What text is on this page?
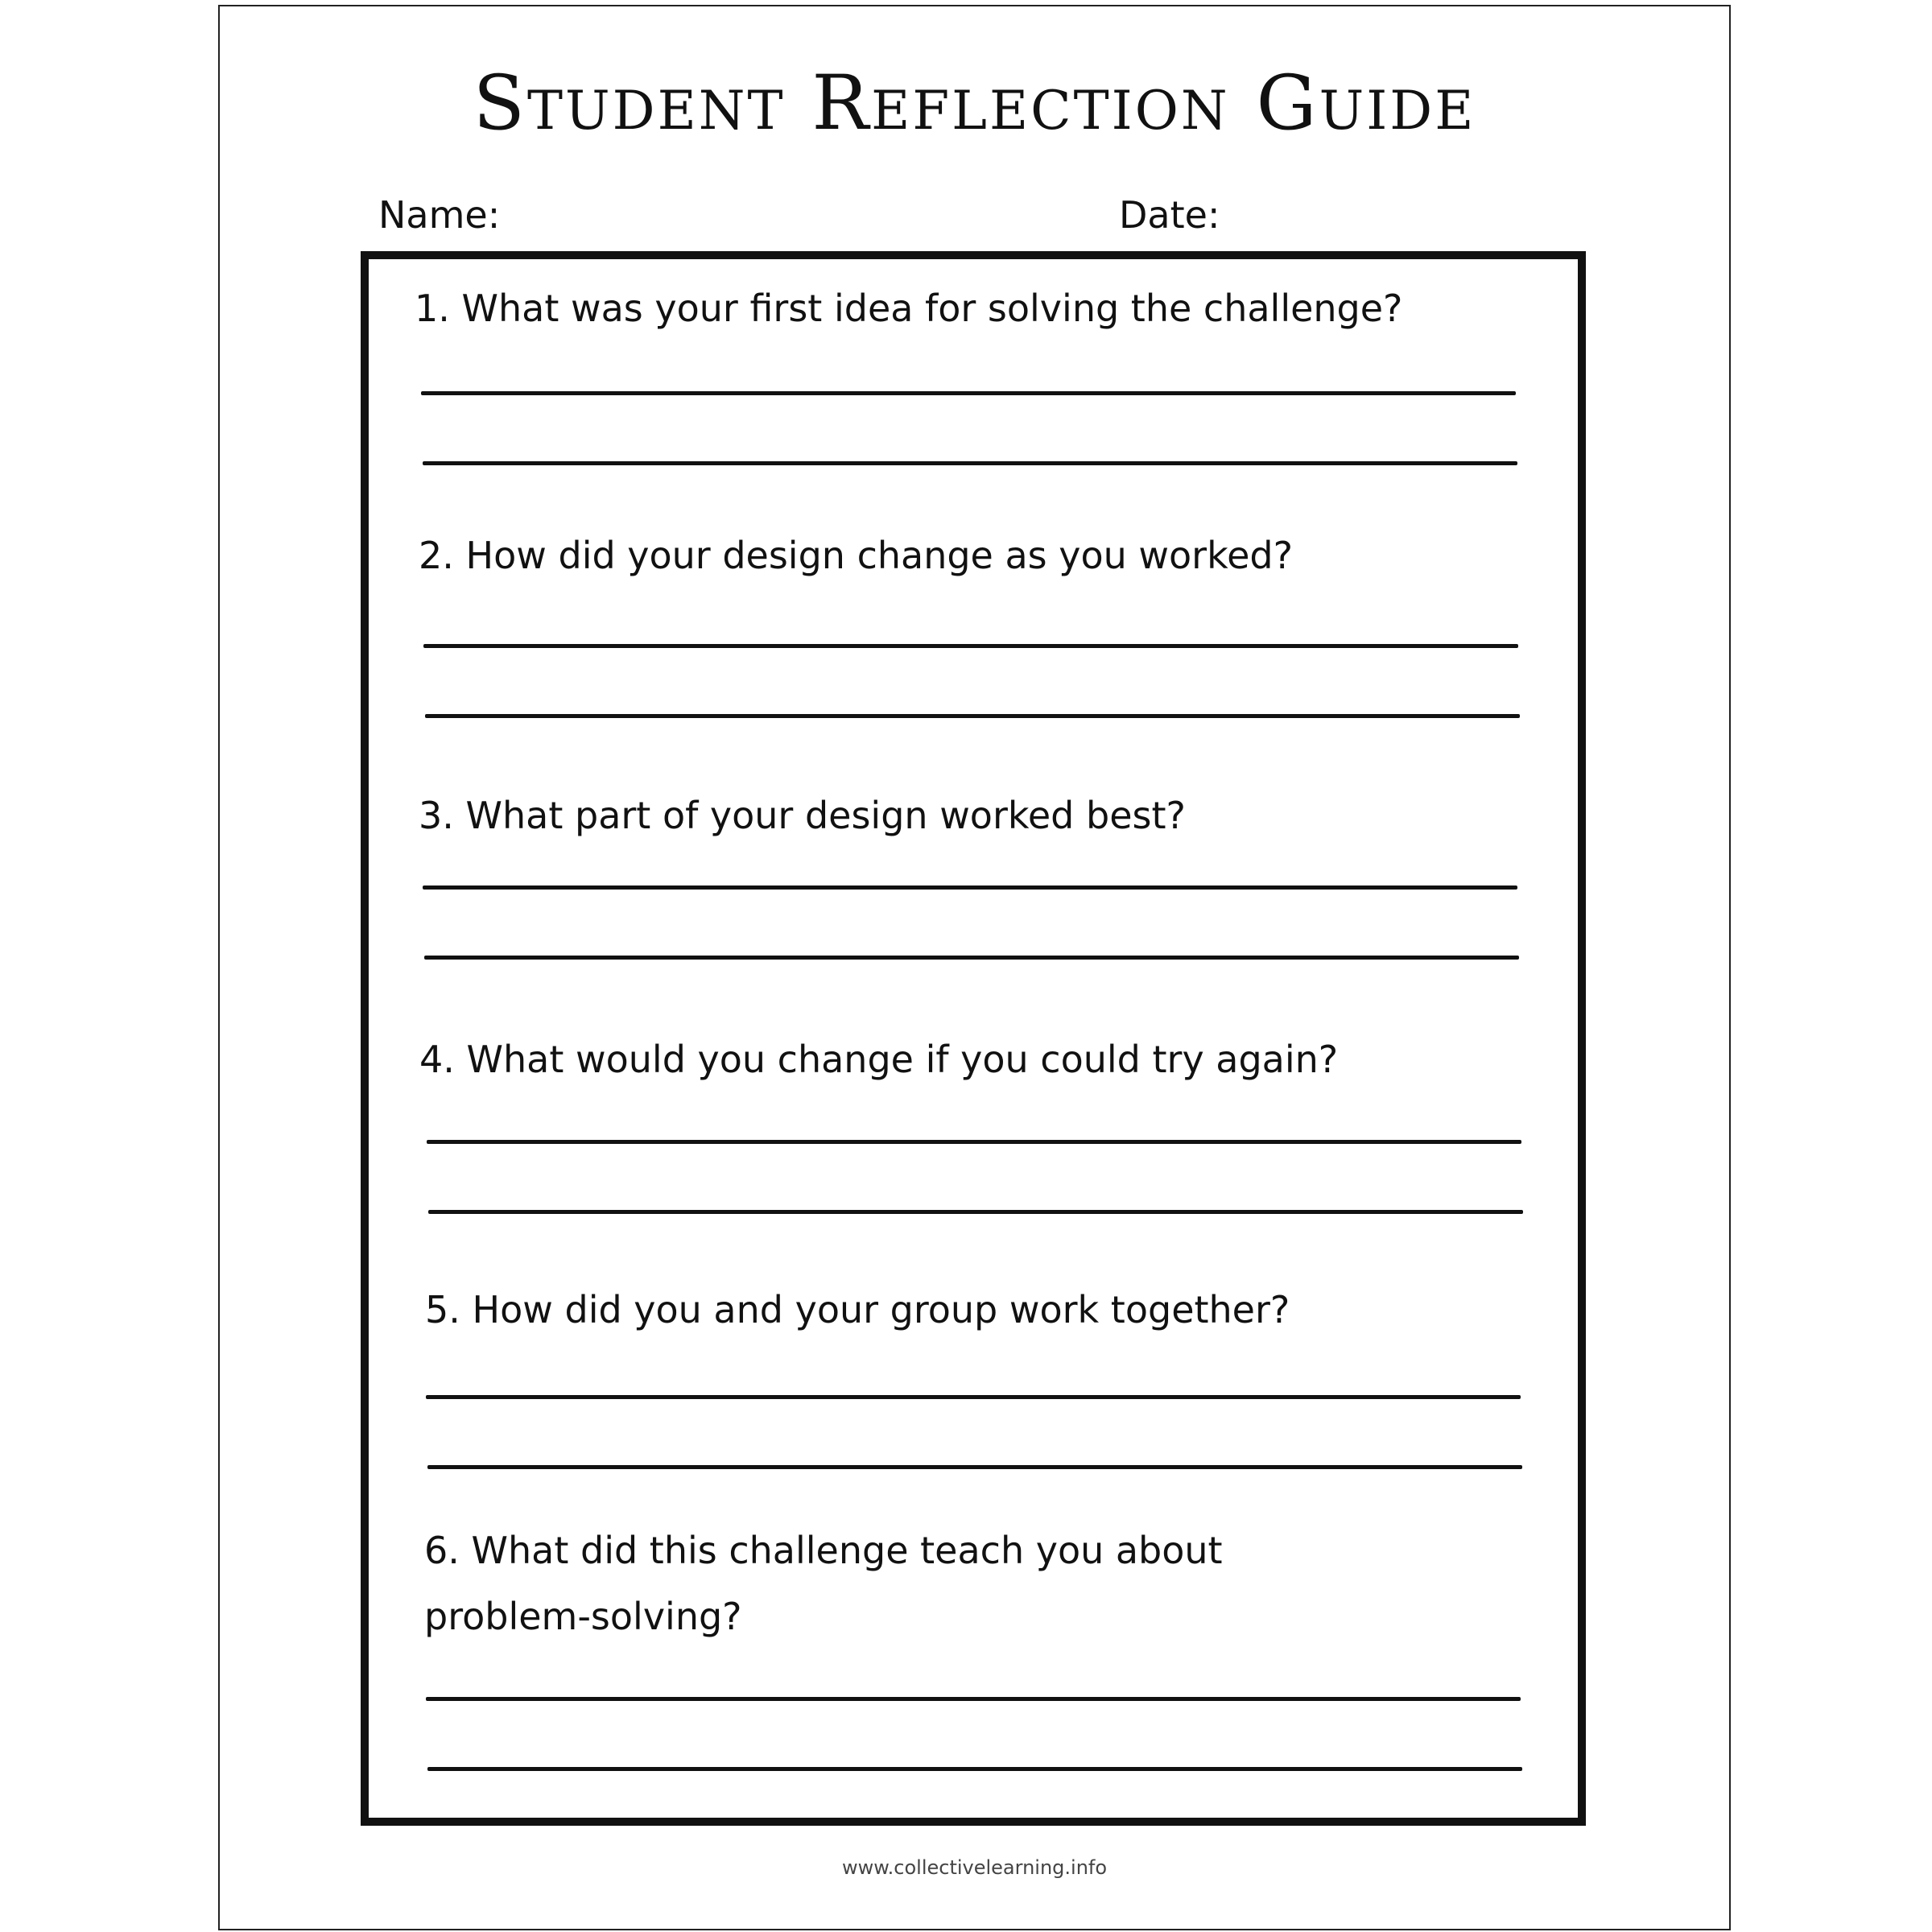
Student Reflection Guide
Name:	Date:
1. What was your first idea for solving the challenge?
2. How did your design change as you worked?
3. What part of your design worked best?
4. What would you change if you could try again?
5. How did you and your group work together?
6. What did this challenge teach you about problem-solving?
www.collectivelearning.info
